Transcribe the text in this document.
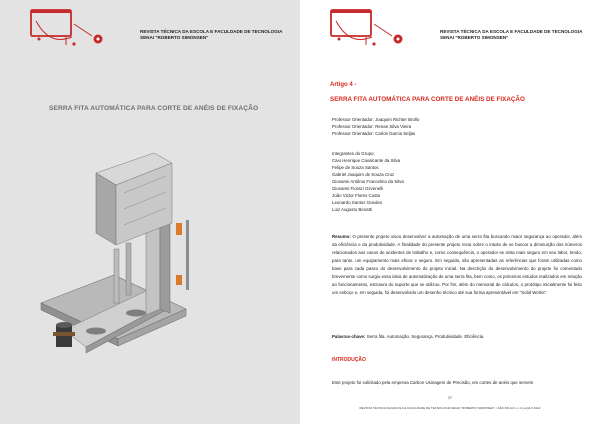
REVISTA TÉCNICA DA ESCOLA E FACULDADE DE TECNOLOGIA
SENAI "ROBERTO SIMONSEN"
SERRA FITA AUTOMÁTICA PARA CORTE DE ANÉIS DE FIXAÇÃO
REVISTA TÉCNICA DA ESCOLA E FACULDADE DE TECNOLOGIA
SENAI "ROBERTO SIMONSEN"
Artigo 4 -
SERRA FITA AUTOMÁTICA PARA CORTE DE ANÉIS DE FIXAÇÃO
Professor Orientador: Joaquim Richter Brollo
Professor Orientador: Renan Silva Vieira
Professor Orientador: Carlos Garcia Seljas
Integrantes do Grupo:
Caio Henrique Cavalcante da Silva
Felipe de Souza Santos
Gabriel Joaquim de Souza Cruz
Giovanni Antônio Francelino da Silva
Giovanni Fiorazi Ozvenelli
João Victor Flores Costa
Leonardo Santos Guedes
Luiz Augusto Benatti
Resumo: O presente projeto visou desenvolver a automação de uma serra fita buscando maior segurança ao operador, além da eficiência e da produtividade. A finalidade do presente projeto recai sobre o intuito de se buscar a diminuição dos números relacionados aos casos de acidentes de trabalho e, como consequência, o operador se sinta mais seguro em seu labor, tendo, para tanto, um equipamento mais eficaz e seguro. Em seguida, são apresentadas as referências que foram utilizadas como base para cada passo do desenvolvimento do projeto inicial. Na descrição do desenvolvimento do projeto foi comentado brevemente como surgiu essa ideia de automatização de uma serra fita, bem como, os primeiros estudos realizados em relação ao funcionamento, estrutura do suporte que se utilizou. Por fim, além do memorial de cálculos, o protótipo inicialmente foi feito um esboço e, em seguida, foi desenvolvido um desenho técnico até sua forma apresentável em "Solid Works".
Palavras-chave: Serra fita. Automação. Segurança. Produtividade. Eficiência.
INTRODUÇÃO
Este projeto foi solicitado pela empresa Carbon Usinagem de Precisão, em cortes de anéis que servem
37
REVISTA TÉCNICA DA ESCOLA E FACULDADE DE TECNOLOGIA SENAI "ROBERTO SIMONSEN" • SÃO PAULO • n.1 (out)/LX 2022
